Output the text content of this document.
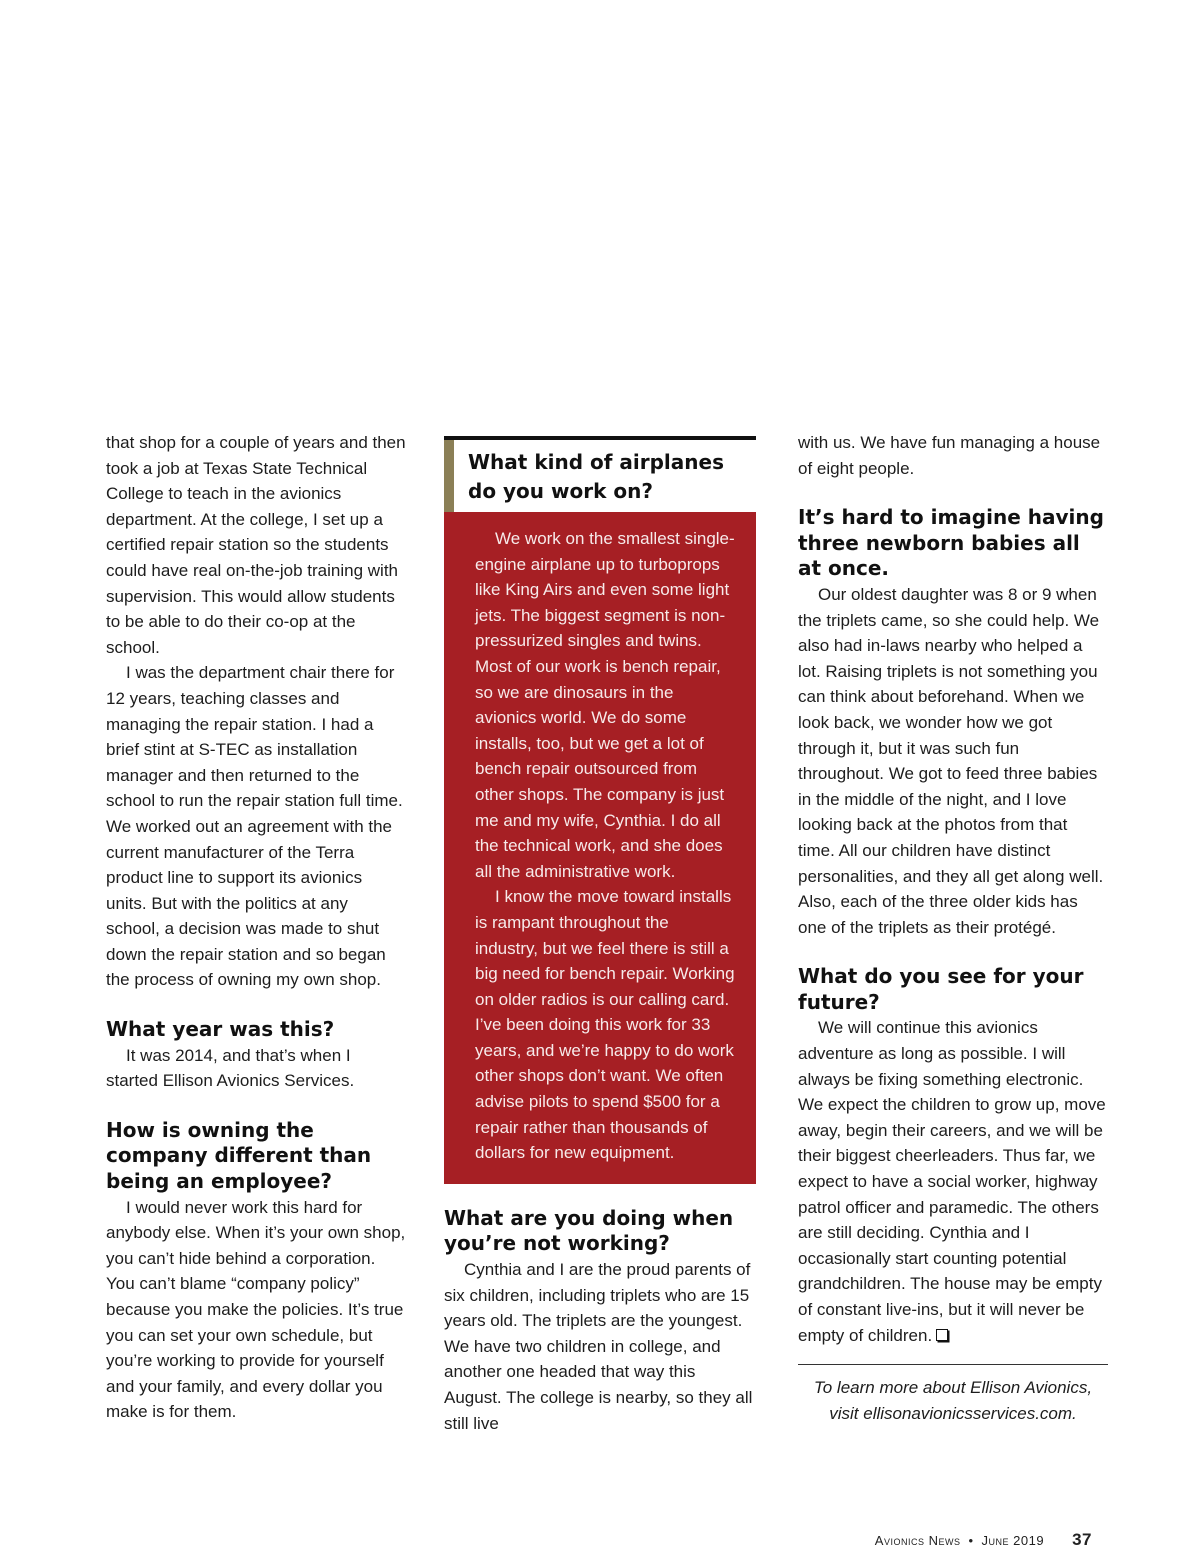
that shop for a couple of years and then took a job at Texas State Technical College to teach in the avionics department. At the college, I set up a certified repair station so the students could have real on-the-job training with supervision. This would allow students to be able to do their co-op at the school.

I was the department chair there for 12 years, teaching classes and managing the repair station. I had a brief stint at S-TEC as installation manager and then returned to the school to run the repair station full time. We worked out an agreement with the current manufacturer of the Terra product line to support its avionics units. But with the politics at any school, a decision was made to shut down the repair station and so began the process of owning my own shop.

What year was this?

It was 2014, and that’s when I started Ellison Avionics Services.

How is owning the company different than being an employee?

I would never work this hard for anybody else. When it’s your own shop, you can’t hide behind a corporation. You can’t blame “company policy” because you make the policies. It’s true you can set your own schedule, but you’re working to provide for yourself and your family, and every dollar you make is for them.

What kind of airplanes do you work on?

We work on the smallest single-engine airplane up to turboprops like King Airs and even some light jets. The biggest segment is non-pressurized singles and twins. Most of our work is bench repair, so we are dinosaurs in the avionics world. We do some installs, too, but we get a lot of bench repair outsourced from other shops. The company is just me and my wife, Cynthia. I do all the technical work, and she does all the administrative work.

I know the move toward installs is rampant throughout the industry, but we feel there is still a big need for bench repair. Working on older radios is our calling card. I’ve been doing this work for 33 years, and we’re happy to do work other shops don’t want. We often advise pilots to spend $500 for a repair rather than thousands of dollars for new equipment.

What are you doing when you’re not working?

Cynthia and I are the proud parents of six children, including triplets who are 15 years old. The triplets are the youngest. We have two children in college, and another one headed that way this August. The college is nearby, so they all still live

with us. We have fun managing a house of eight people.

It’s hard to imagine having three newborn babies all at once.

Our oldest daughter was 8 or 9 when the triplets came, so she could help. We also had in-laws nearby who helped a lot. Raising triplets is not something you can think about beforehand. When we look back, we wonder how we got through it, but it was such fun throughout. We got to feed three babies in the middle of the night, and I love looking back at the photos from that time. All our children have distinct personalities, and they all get along well. Also, each of the three older kids has one of the triplets as their protégé.

What do you see for your future?

We will continue this avionics adventure as long as possible. I will always be fixing something electronic. We expect the children to grow up, move away, begin their careers, and we will be their biggest cheerleaders. Thus far, we expect to have a social worker, highway patrol officer and paramedic. The others are still deciding. Cynthia and I occasionally start counting potential grandchildren. The house may be empty of constant live-ins, but it will never be empty of children.

To learn more about Ellison Avionics,
visit ellisonavionicsservices.com.
Avionics News • June 2019 37
